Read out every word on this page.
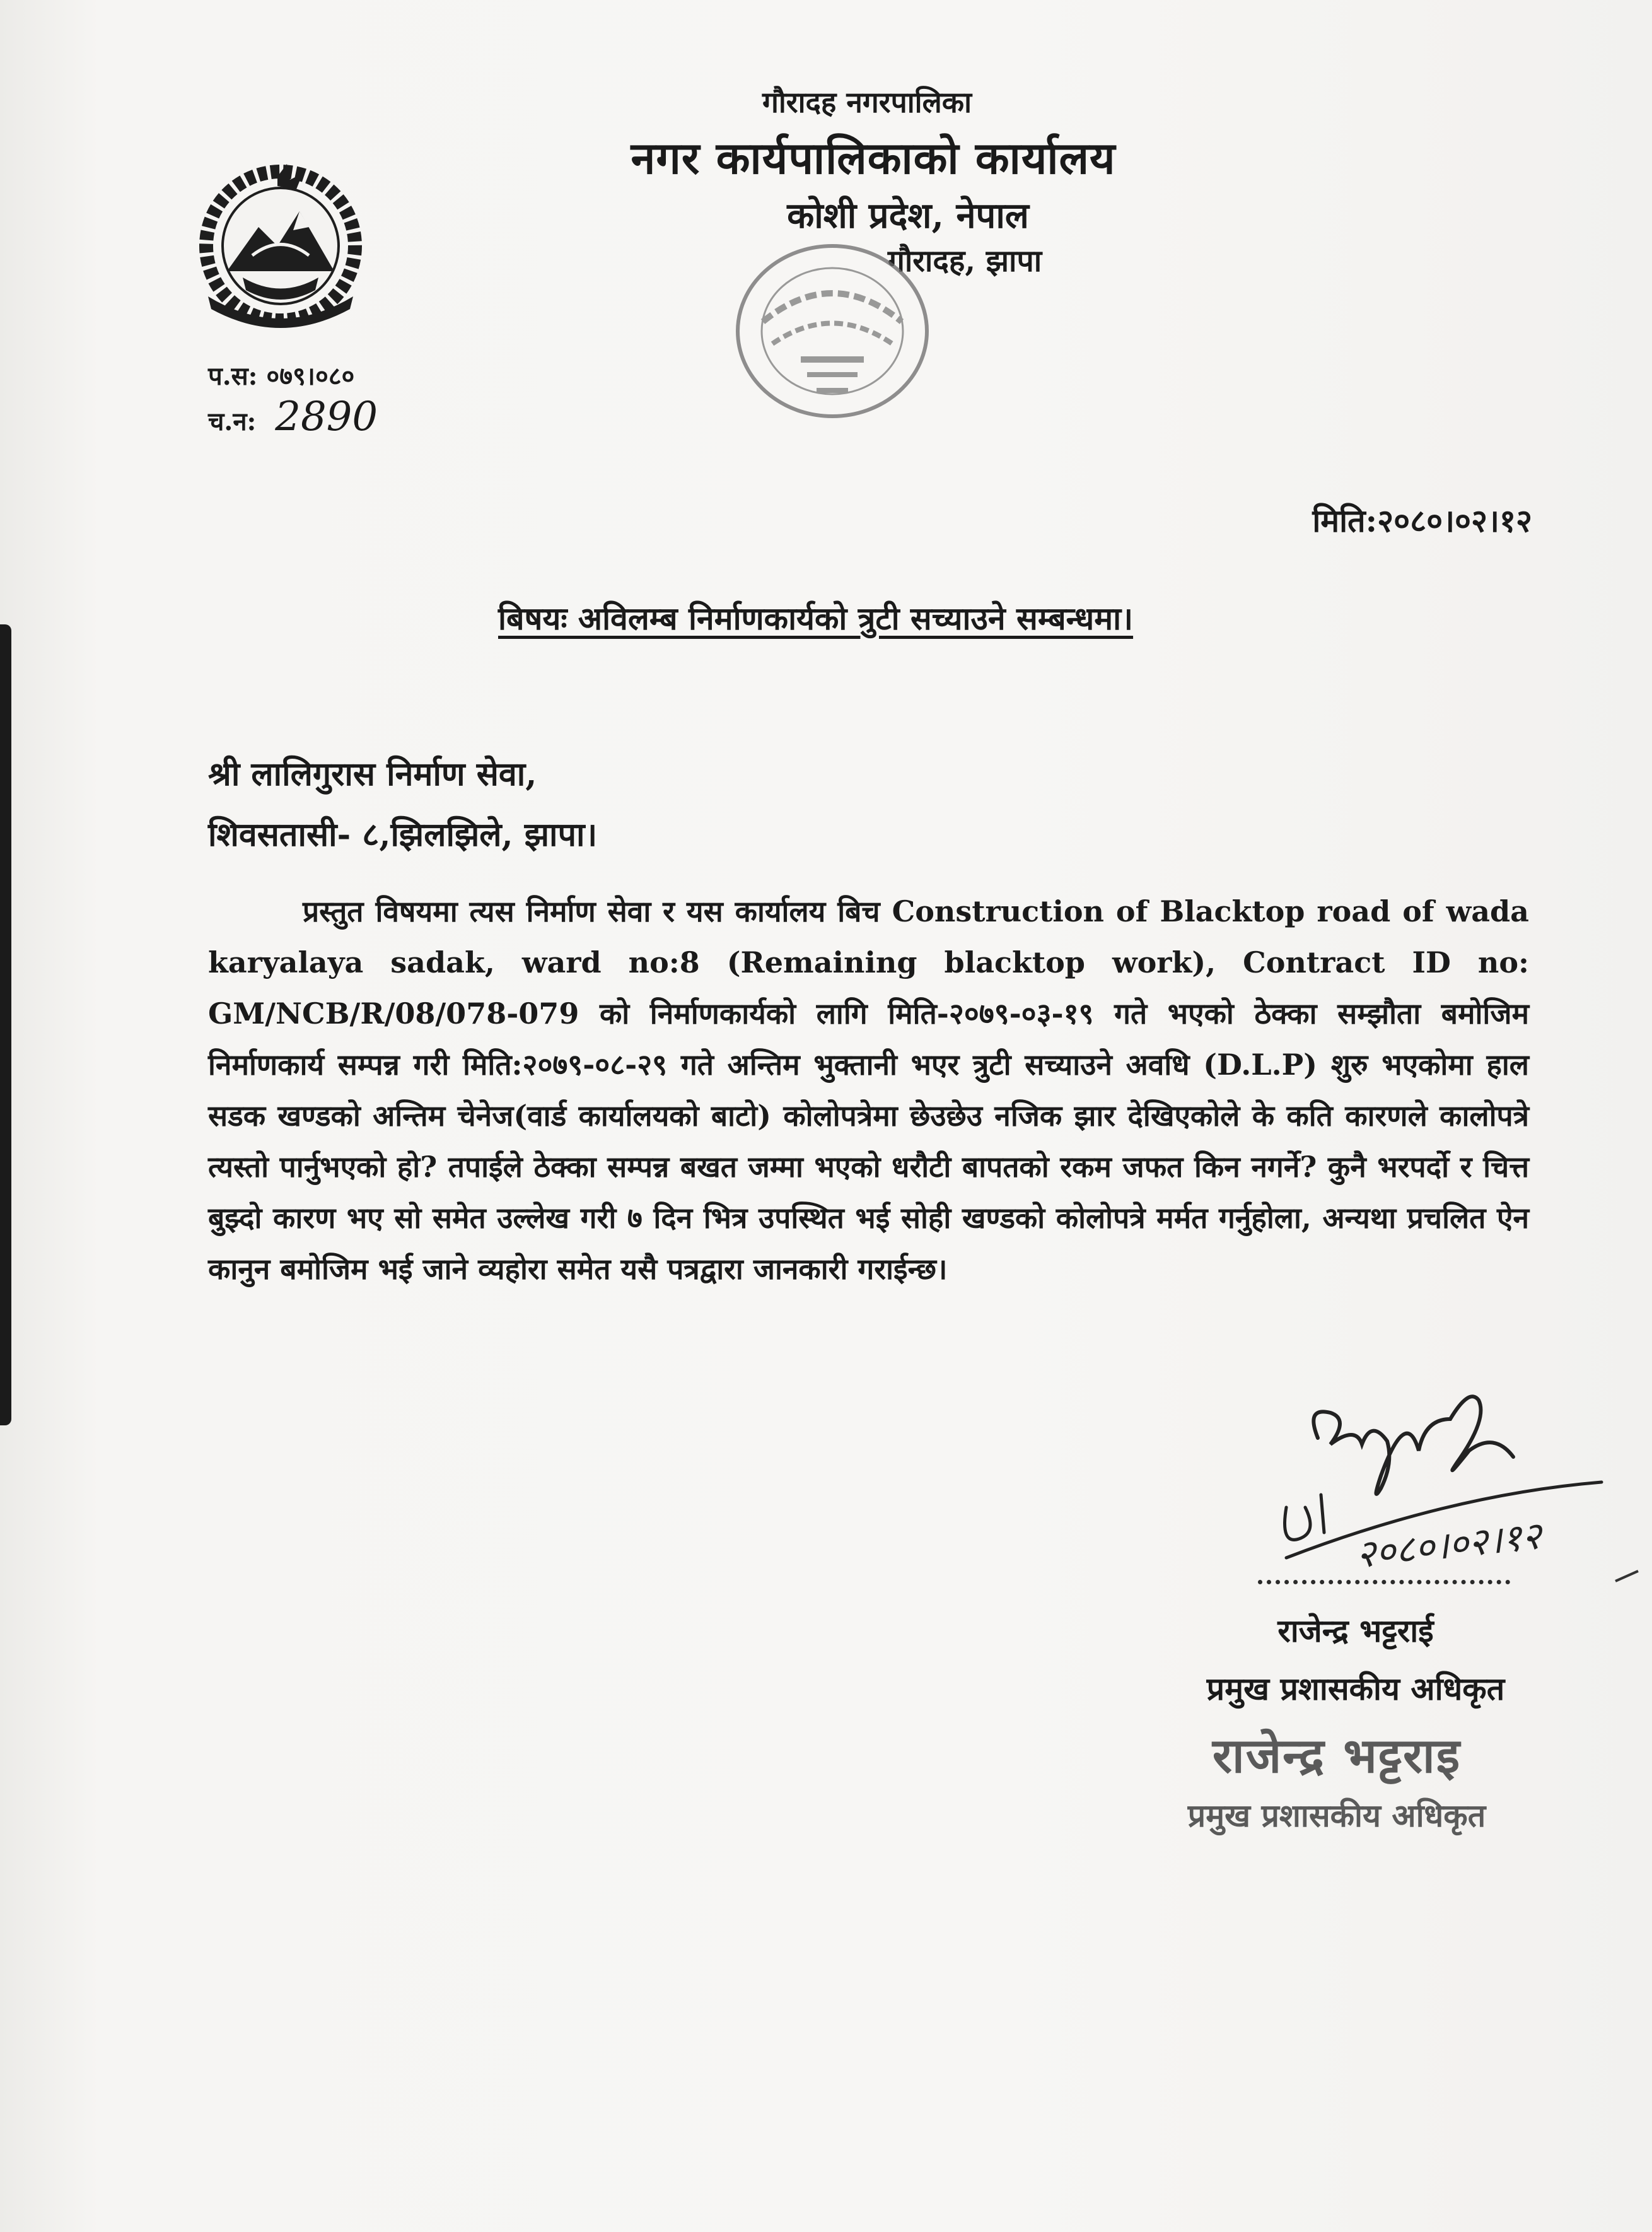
गौरादह नगरपालिका
नगर कार्यपालिकाको कार्यालय
कोशी प्रदेश, नेपाल
गौरादह, झापा
प.स: ०७९।०८०
च.न: 2890
मिति:२०८०।०२।१२
बिषयः अविलम्ब निर्माणकार्यको त्रुटी सच्याउने सम्बन्धमा।
श्री लालिगुरास निर्माण सेवा,
शिवसतासी- ८,झिलझिले, झापा।

प्रस्तुत विषयमा त्यस निर्माण सेवा र यस कार्यालय बिच Construction of Blacktop road of wada karyalaya sadak, ward no:8 (Remaining blacktop work), Contract ID no: GM/NCB/R/08/078-079 को निर्माणकार्यको लागि मिति-२०७९-०३-१९ गते भएको ठेक्का सम्झौता बमोजिम निर्माणकार्य सम्पन्न गरी मिति:२०७९-०८-२९ गते अन्तिम भुक्तानी भएर त्रुटी सच्याउने अवधि (D.L.P) शुरु भएकोमा हाल सडक खण्डको अन्तिम चेनेज(वार्ड कार्यालयको बाटो) कोलोपत्रेमा छेउछेउ नजिक झार देखिएकोले के कति कारणले कालोपत्रे त्यस्तो पार्नुभएको हो? तपाईले ठेक्का सम्पन्न बखत जम्मा भएको धरौटी बापतको रकम जफत किन नगर्ने? कुनै भरपर्दो र चित्त बुझ्दो कारण भए सो समेत उल्लेख गरी ७ दिन भित्र उपस्थित भई सोही खण्डको कोलोपत्रे मर्मत गर्नुहोला, अन्यथा प्रचलित ऐन कानुन बमोजिम भई जाने व्यहोरा समेत यसै पत्रद्वारा जानकारी गराईन्छ।

२०८०।०२।१२
राजेन्द्र भट्टराई
प्रमुख प्रशासकीय अधिकृत
राजेन्द्र भट्टराइ
प्रमुख प्रशासकीय अधिकृत
